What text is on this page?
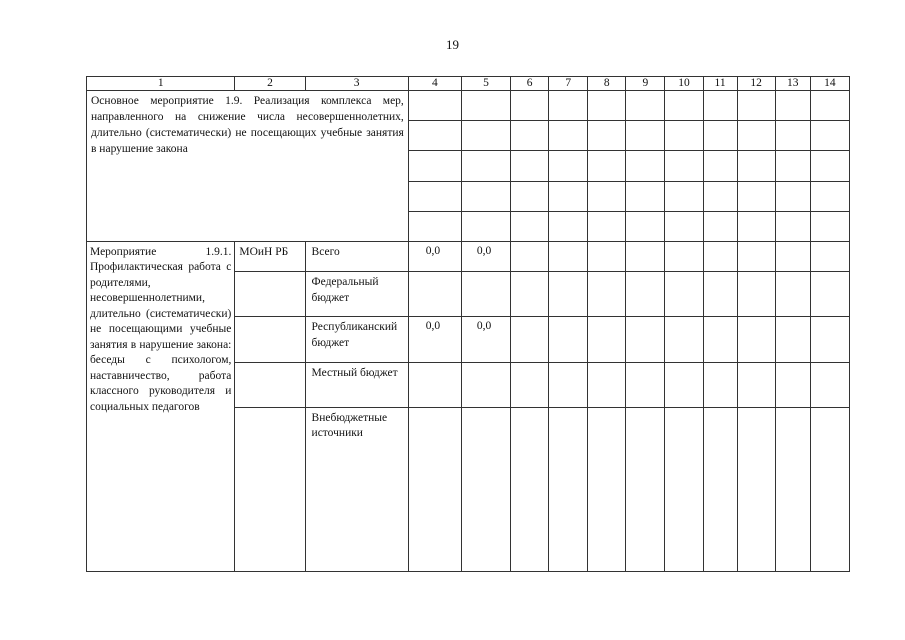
19
1	2	3	4	5	6	7	8	9	10	11	12	13	14

Основное мероприятие 1.9. Реализация комплекса мер, направленного на снижение числа несовершеннолетних, длительно (систематически) не посещающих учебные занятия в нарушение закона													

Мероприятие 1.9.1. Профилактическая работа с родителями, несовершеннолетними, длительно (систематически) не посещающими учебные занятия в нарушение закона: беседы с психологом, наставничество, работа классного руководителя и социальных педагогов	МОиН РБ	Всего	0,0	0,0									

		Федеральный бюджет											

		Республиканский бюджет	0,0	0,0									

		Местный бюджет											

		Внебюджетные источники											
